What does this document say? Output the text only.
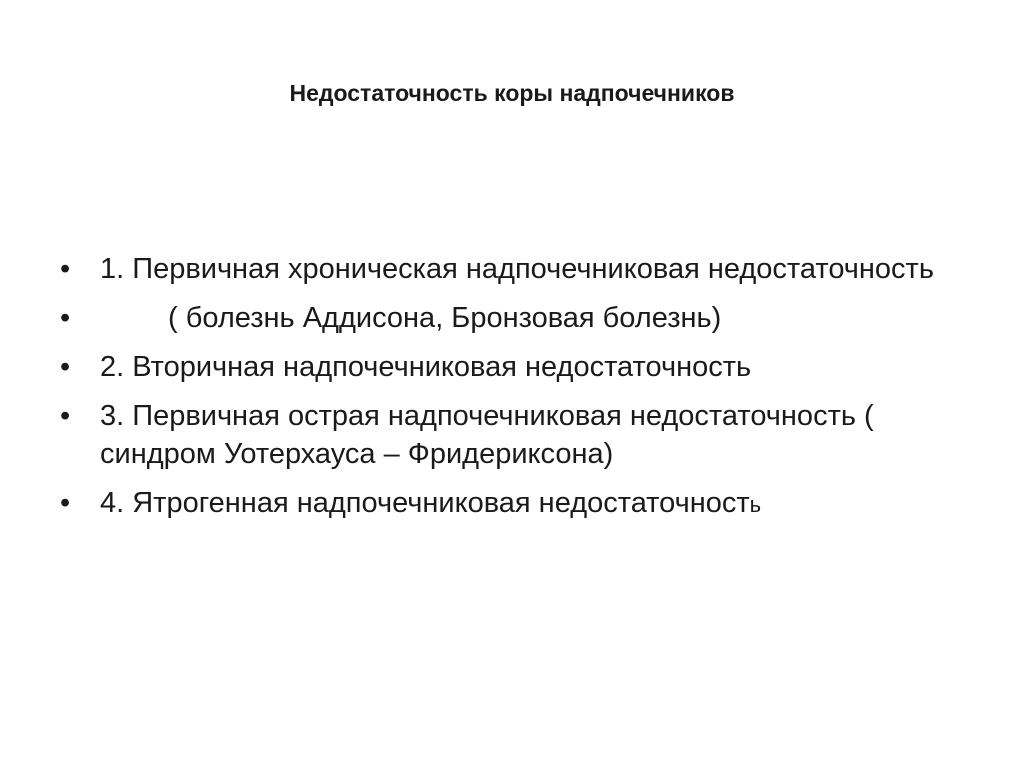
Недостаточность коры надпочечников
•	1. Первичная хроническая надпочечниковая недостаточность
•	( болезнь Аддисона, Бронзовая болезнь)
•	2. Вторичная надпочечниковая недостаточность
•	3. Первичная острая надпочечниковая недостаточность ( синдром Уотерхауса – Фридериксона)
•	4. Ятрогенная надпочечниковая недостаточность
